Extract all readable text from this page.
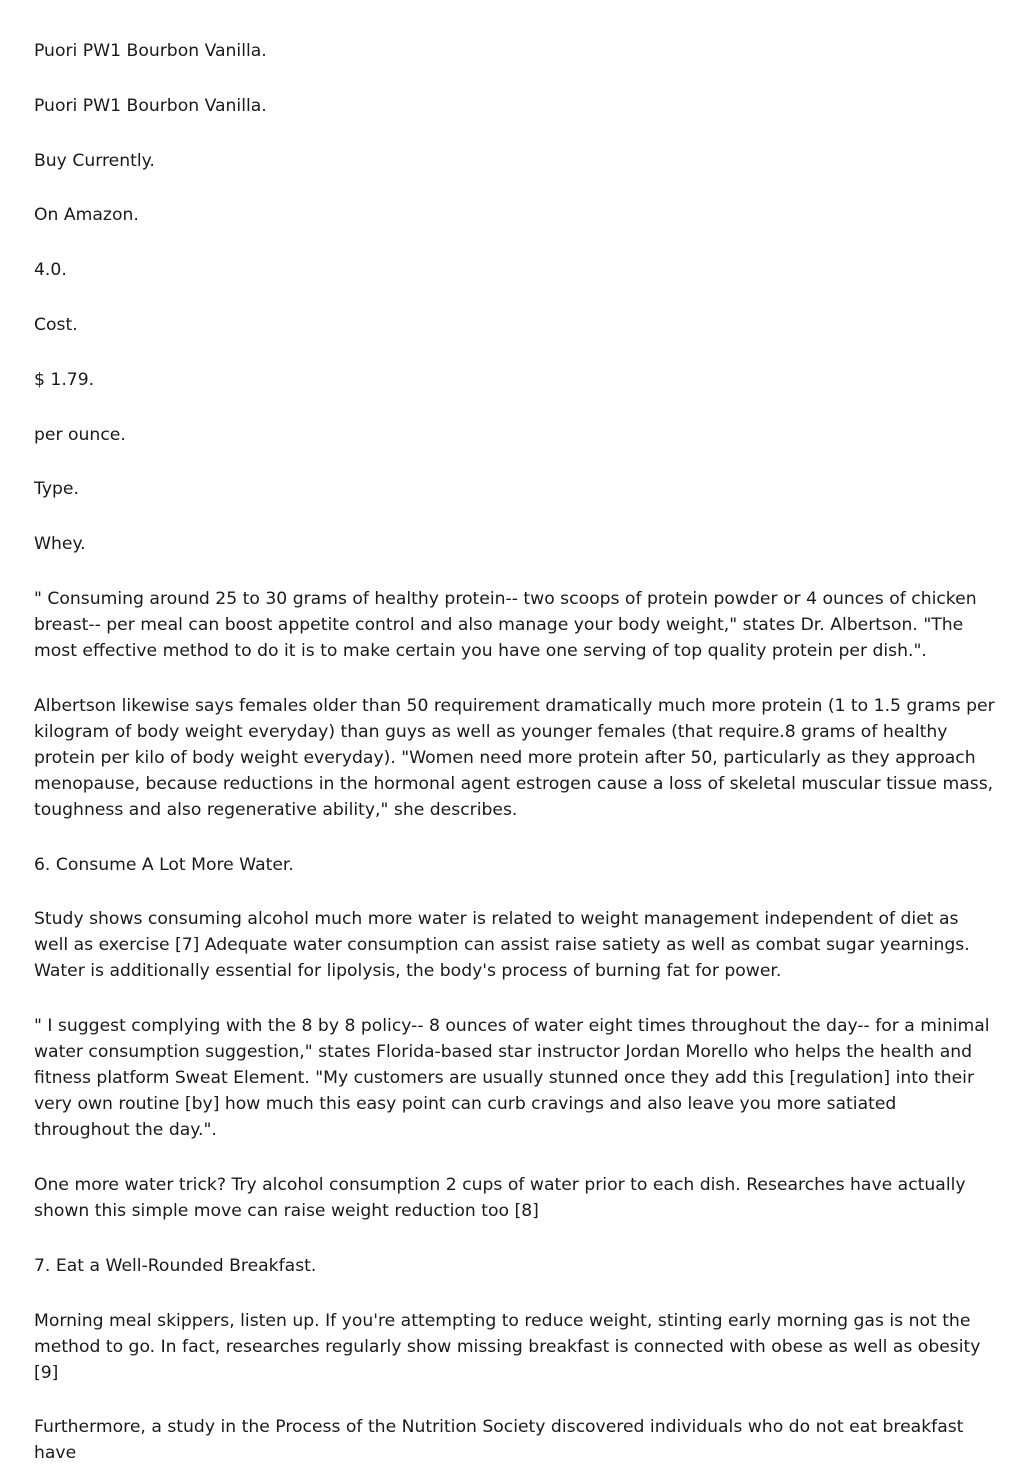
Puori PW1 Bourbon Vanilla.

Puori PW1 Bourbon Vanilla.

Buy Currently.

On Amazon.

4.0.

Cost.

$ 1.79.

per ounce.

Type.

Whey.

" Consuming around 25 to 30 grams of healthy protein-- two scoops of protein powder or 4 ounces of chicken breast-- per meal can boost appetite control and also manage your body weight," states Dr. Albertson. "The most effective method to do it is to make certain you have one serving of top quality protein per dish.".

Albertson likewise says females older than 50 requirement dramatically much more protein (1 to 1.5 grams per kilogram of body weight everyday) than guys as well as younger females (that require.8 grams of healthy protein per kilo of body weight everyday). "Women need more protein after 50, particularly as they approach menopause, because reductions in the hormonal agent estrogen cause a loss of skeletal muscular tissue mass, toughness and also regenerative ability," she describes.

6. Consume A Lot More Water.

Study shows consuming alcohol much more water is related to weight management independent of diet as well as exercise [7] Adequate water consumption can assist raise satiety as well as combat sugar yearnings. Water is additionally essential for lipolysis, the body's process of burning fat for power.

" I suggest complying with the 8 by 8 policy-- 8 ounces of water eight times throughout the day-- for a minimal water consumption suggestion," states Florida-based star instructor Jordan Morello who helps the health and fitness platform Sweat Element. "My customers are usually stunned once they add this [regulation] into their very own routine [by] how much this easy point can curb cravings and also leave you more satiated throughout the day.".

One more water trick? Try alcohol consumption 2 cups of water prior to each dish. Researches have actually shown this simple move can raise weight reduction too [8]

7. Eat a Well-Rounded Breakfast.

Morning meal skippers, listen up. If you're attempting to reduce weight, stinting early morning gas is not the method to go. In fact, researches regularly show missing breakfast is connected with obese as well as obesity [9]

Furthermore, a study in the Process of the Nutrition Society discovered individuals who do not eat breakfast have
